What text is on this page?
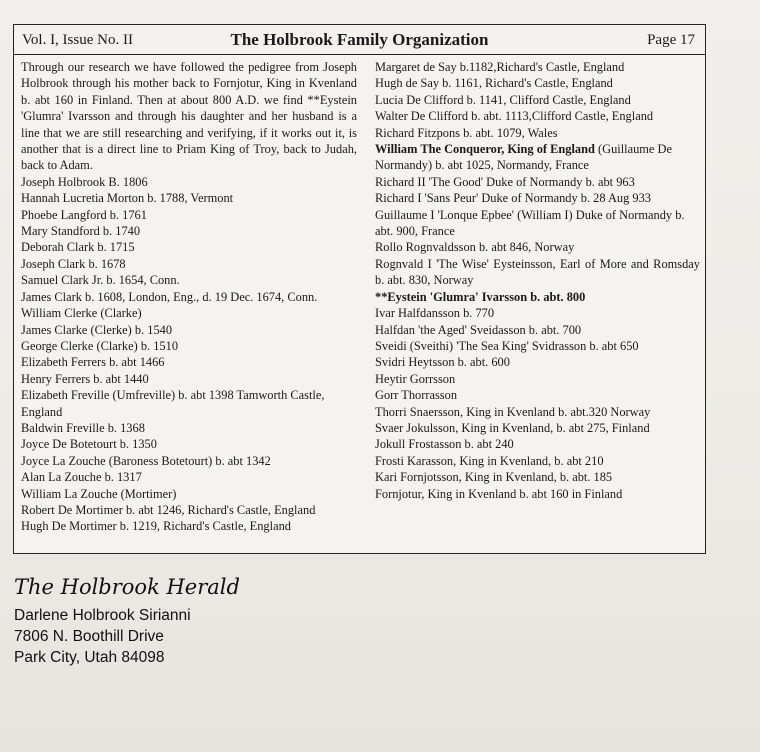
Vol. I, Issue No. II	The Holbrook Family Organization	Page 17
Through our research we have followed the pedigree from Joseph Holbrook through his mother back to Fornjotur, King in Kvenland b. abt 160 in Finland. Then at about 800 A.D. we find **Eystein 'Glumra' Ivarsson and through his daughter and her husband is a line that we are still researching and verifying, if it works out it, is another that is a direct line to Priam King of Troy, back to Judah, back to Adam.
Joseph Holbrook B. 1806
Hannah Lucretia Morton b. 1788, Vermont
Phoebe Langford b. 1761
Mary Standford b. 1740
Deborah Clark b. 1715
Joseph Clark b. 1678
Samuel Clark Jr. b. 1654, Conn.
James Clark b. 1608, London, Eng., d. 19 Dec. 1674, Conn.
William Clerke (Clarke)
James Clarke (Clerke) b. 1540
George Clerke (Clarke) b. 1510
Elizabeth Ferrers b. abt 1466
Henry Ferrers b. abt 1440
Elizabeth Freville (Umfreville) b. abt 1398 Tamworth Castle, England
Baldwin Freville b. 1368
Joyce De Botetourt b. 1350
Joyce La Zouche (Baroness Botetourt) b. abt 1342
Alan La Zouche b. 1317
William La Zouche (Mortimer)
Robert De Mortimer b. abt 1246, Richard's Castle, England
Hugh De Mortimer b. 1219, Richard's Castle, England
Margaret de Say b.1182,Richard's Castle, England
Hugh de Say b. 1161, Richard's Castle, England
Lucia De Clifford b. 1141, Clifford Castle, England
Walter De Clifford b. abt. 1113,Clifford Castle, England
Richard Fitzpons b. abt. 1079, Wales
William The Conqueror, King of England (Guillaume De Normandy) b. abt 1025, Normandy, France
Richard II 'The Good' Duke of Normandy b. abt 963
Richard I 'Sans Peur' Duke of Normandy b. 28 Aug 933
Guillaume I 'Lonque Epbee' (William I) Duke of Normandy b. abt. 900, France
Rollo Rognvaldsson b. abt 846, Norway
Rognvald I 'The Wise' Eysteinsson, Earl of More and Romsday b. abt. 830, Norway
**Eystein 'Glumra' Ivarsson b. abt. 800
Ivar Halfdansson b. 770
Halfdan 'the Aged' Sveidasson b. abt. 700
Sveidi (Sveithi) 'The Sea King' Svidrasson b. abt 650
Svidri Heytsson b. abt. 600
Heytir Gorrsson
Gorr Thorrasson
Thorri Snaersson, King in Kvenland b. abt.320 Norway
Svaer Jokulsson, King in Kvenland, b. abt 275, Finland
Jokull Frostasson b. abt 240
Frosti Karasson, King in Kvenland, b. abt 210
Kari Fornjotsson, King in Kvenland, b. abt. 185
Fornjotur, King in Kvenland b. abt 160 in Finland
The Holbrook Herald
Darlene Holbrook Sirianni
7806 N. Boothill Drive
Park City, Utah 84098
